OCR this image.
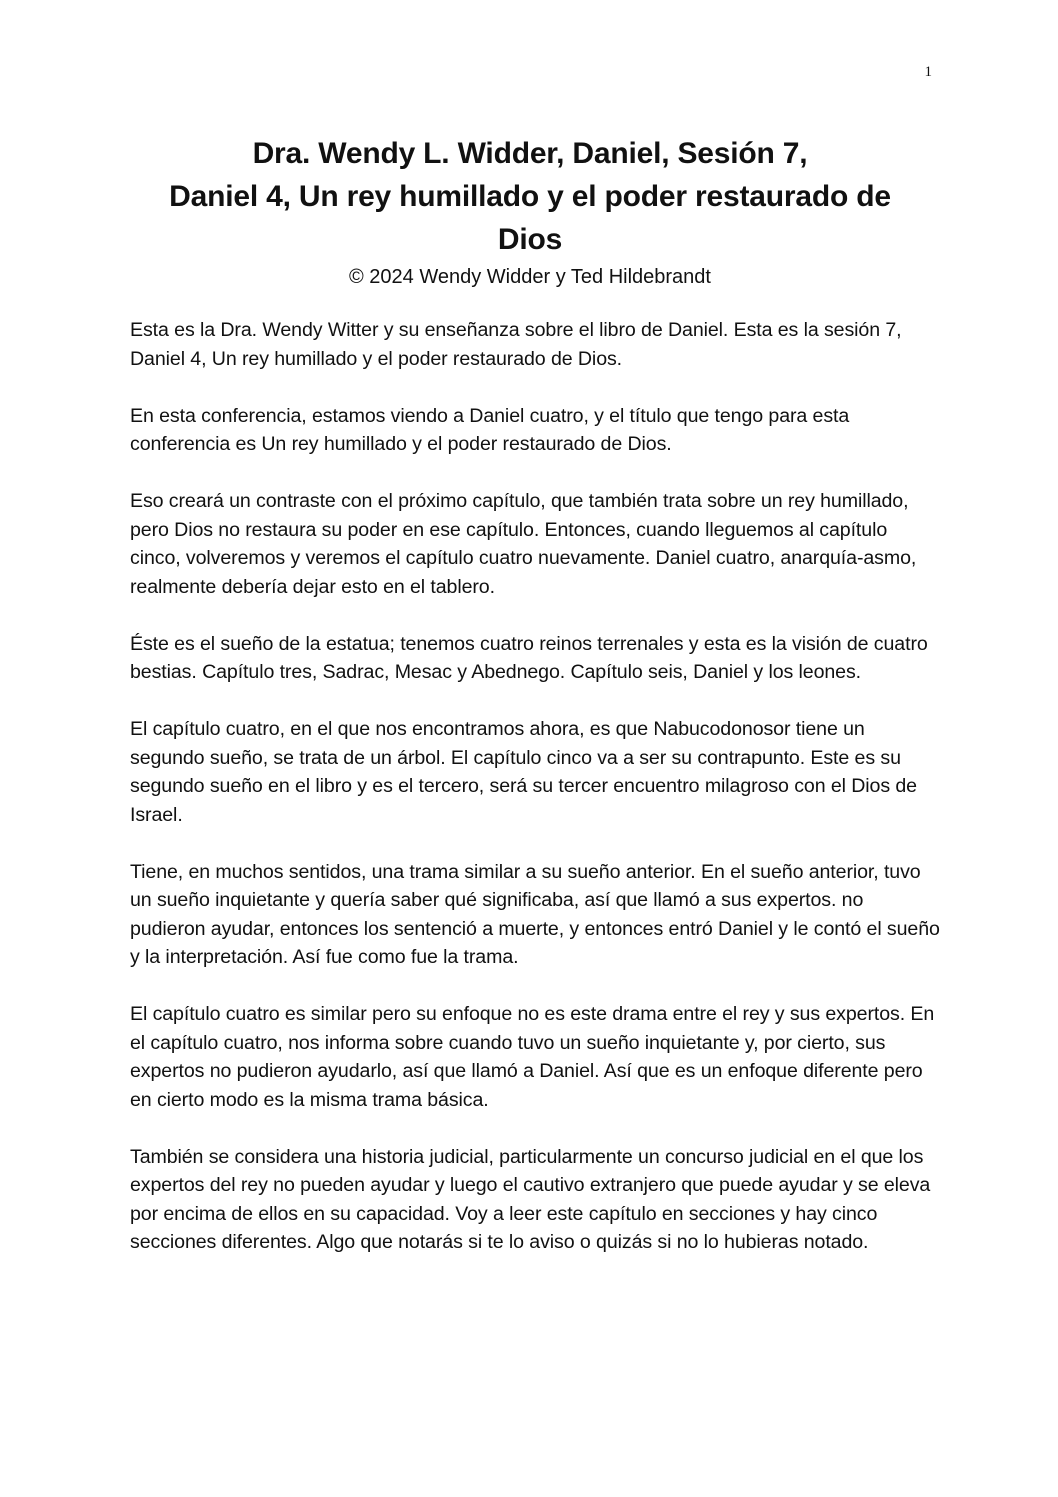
1
Dra. Wendy L. Widder, Daniel, Sesión 7,
Daniel 4, Un rey humillado y el poder restaurado de
Dios
© 2024 Wendy Widder y Ted Hildebrandt

Esta es la Dra. Wendy Witter y su enseñanza sobre el libro de Daniel. Esta es la sesión 7, Daniel 4, Un rey humillado y el poder restaurado de Dios.

En esta conferencia, estamos viendo a Daniel cuatro, y el título que tengo para esta conferencia es Un rey humillado y el poder restaurado de Dios.

Eso creará un contraste con el próximo capítulo, que también trata sobre un rey humillado, pero Dios no restaura su poder en ese capítulo. Entonces, cuando lleguemos al capítulo cinco, volveremos y veremos el capítulo cuatro nuevamente. Daniel cuatro, anarquía-asmo, realmente debería dejar esto en el tablero.

Éste es el sueño de la estatua; tenemos cuatro reinos terrenales y esta es la visión de cuatro bestias. Capítulo tres, Sadrac, Mesac y Abednego. Capítulo seis, Daniel y los leones.

El capítulo cuatro, en el que nos encontramos ahora, es que Nabucodonosor tiene un segundo sueño, se trata de un árbol. El capítulo cinco va a ser su contrapunto. Este es su segundo sueño en el libro y es el tercero, será su tercer encuentro milagroso con el Dios de Israel.

Tiene, en muchos sentidos, una trama similar a su sueño anterior. En el sueño anterior, tuvo un sueño inquietante y quería saber qué significaba, así que llamó a sus expertos. no pudieron ayudar, entonces los sentenció a muerte, y entonces entró Daniel y le contó el sueño y la interpretación. Así fue como fue la trama.

El capítulo cuatro es similar pero su enfoque no es este drama entre el rey y sus expertos. En el capítulo cuatro, nos informa sobre cuando tuvo un sueño inquietante y, por cierto, sus expertos no pudieron ayudarlo, así que llamó a Daniel. Así que es un enfoque diferente pero en cierto modo es la misma trama básica.

También se considera una historia judicial, particularmente un concurso judicial en el que los expertos del rey no pueden ayudar y luego el cautivo extranjero que puede ayudar y se eleva por encima de ellos en su capacidad. Voy a leer este capítulo en secciones y hay cinco secciones diferentes. Algo que notarás si te lo aviso o quizás si no lo hubieras notado.
